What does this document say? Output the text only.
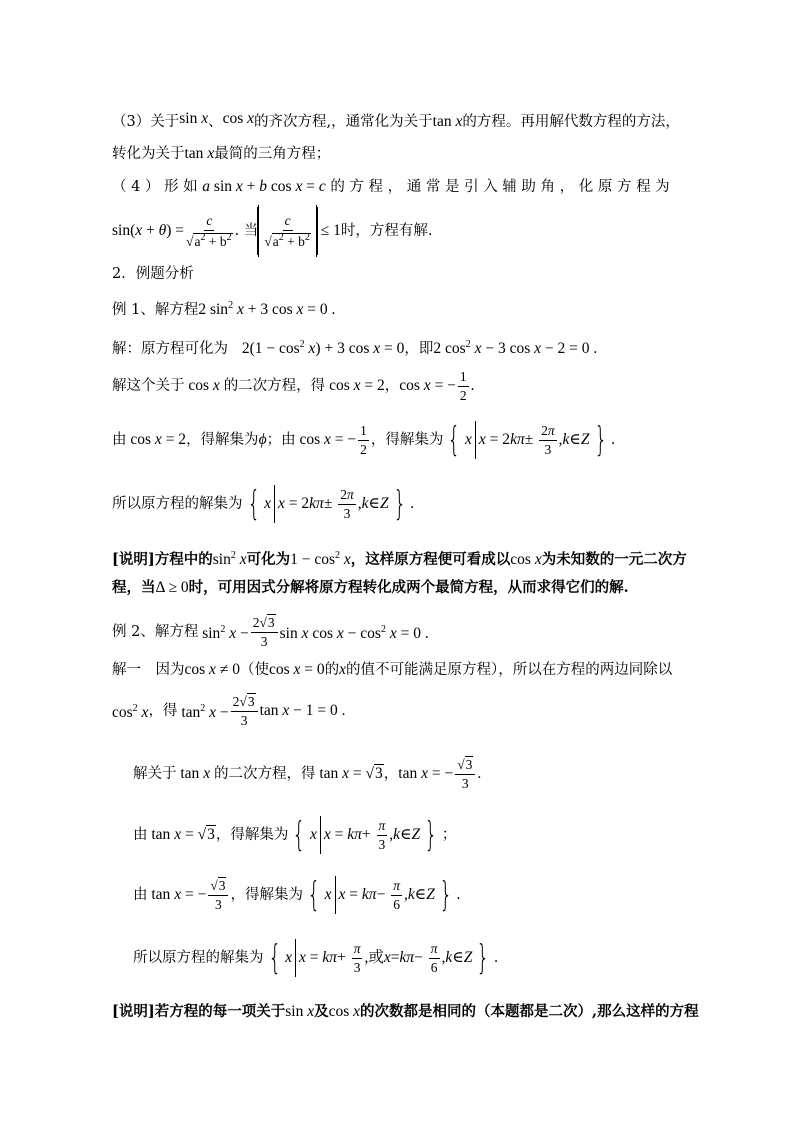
（3）关于sin x、cos x的齐次方程,，通常化为关于tan x的方程。再用解代数方程的方法，
转化为关于tan x最简的三角方程；
（ 4 ） 形 如 a sin x + b cos x = c 的 方 程 ， 通 常 是 引 入 辅 助 角 ， 化 原 方 程 为
$\sin(x + \theta) = \frac{c}{√a^2 + b^2}$ . 当 $\frac{c}{√a^2 + b^2} \le 1$ 时，方程有解.
2．例题分析
例 1、解方程2 $\sin^2 x + 3$ cos x = 0 .
解：原方程可化为 $2(1 - \cos^2 x) + 3$ cos x = 0，即2 $\cos^2 x - 3$ cos x − 2 = 0 .
解这个关于 cos x 的二次方程，得 cos x = 2 ， cos x = − $\frac{1}{2}$ .
由 cos x = 2 ，得解集为 ϕ ；由 cos x = − $\frac{1}{2}$ ，得解集为 { x x = 2 $k\pi \pm \frac{2\pi}{3}$ , k ∈ Z } .
所以原方程的解集为 { x x = 2 $k\pi \pm \frac{2\pi}{3}$ , k ∈ Z } .
[说明]方程中的$\sin^2 x$可化为$1 - \cos^2 x$，这样原方程便可看成以cos x为未知数的一元二次方
程，当Δ ≥ 0时，可用因式分解将原方程转化成两个最简方程，从而求得它们的解.
例 2、解方程 $\sin^2 x - \frac{2√3}{3}$ sin x $\cos x - \cos^2 x = 0$ .
解一　因为cos x ≠ 0（使cos x = 0的x的值不可能满足原方程），所以在方程的两边同除以
$\cos^2 x$ ，得 $\tan^2 x - \frac{2√3}{3}$ tan x − 1 = 0 .
解关于 tan x 的二次方程，得 tan x = √3 ， tan x = − $\frac{√3}{3}$ .
由 tan x = √3 ，得解集为 { x $x = k\pi + \frac{\pi}{3}$ , k ∈ Z } ；
由 tan x = − $\frac{√3}{3}$ ，得解集为 { x $x = k\pi - \frac{\pi}{6}$ , k ∈ Z } .
所以原方程的解集为 { x $x = k\pi + \frac{\pi}{3}$ ,或 $x = k\pi - \frac{\pi}{6}$ , k ∈ Z } .
[说明]若方程的每一项关于sin x及cos x的次数都是相同的（本题都是二次）,那么这样的方程
